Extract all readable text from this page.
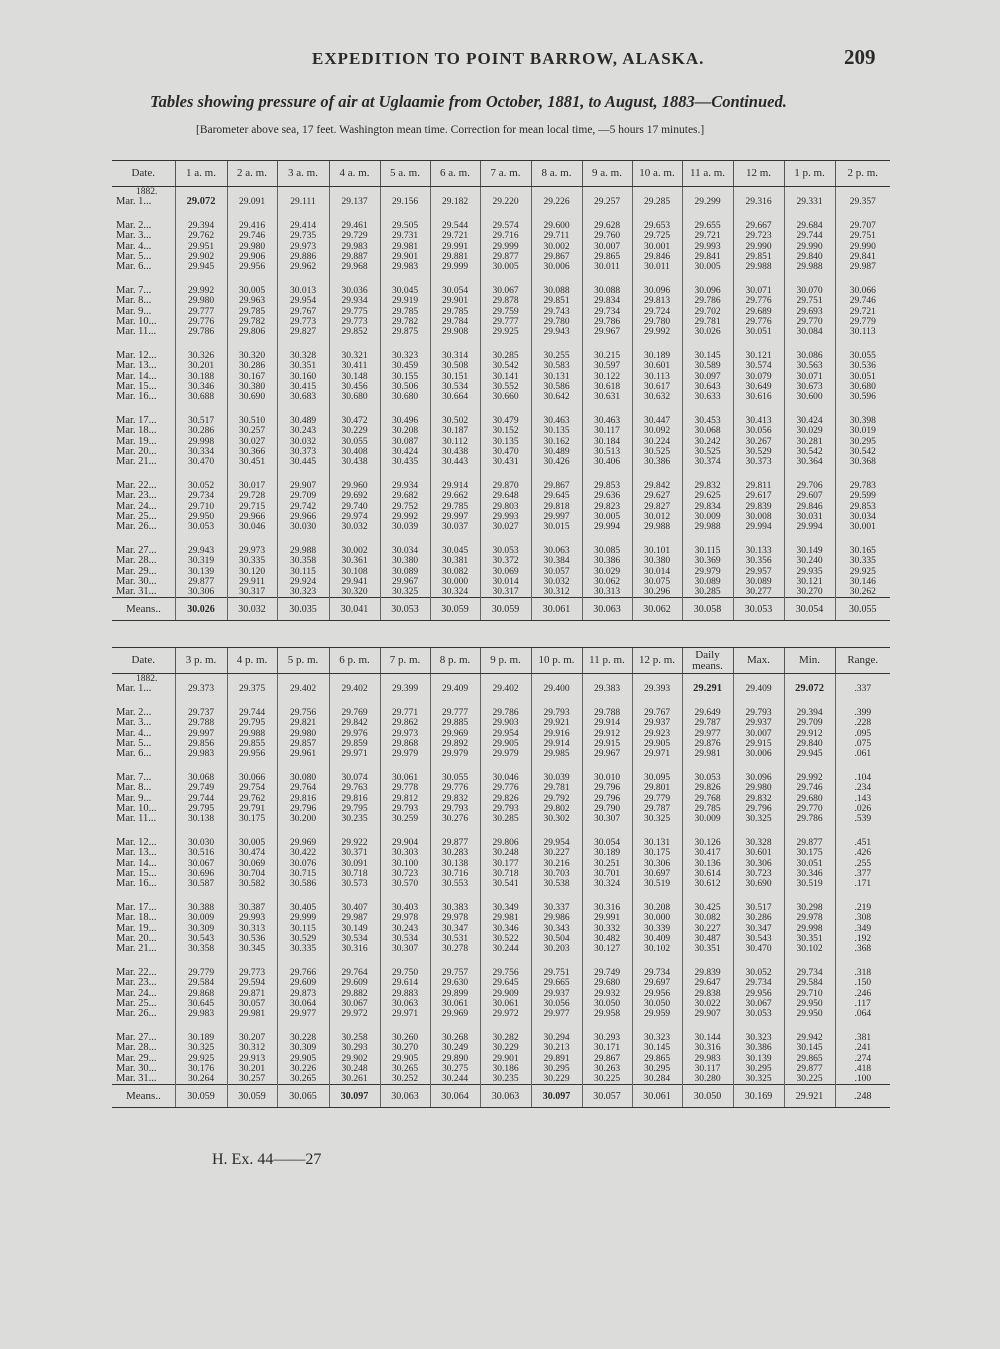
EXPEDITION TO POINT BARROW, ALASKA.	209
Tables showing pressure of air at Uglaamie from October, 1881, to August, 1883—Continued.
[Barometer above sea, 17 feet. Washington mean time. Correction for mean local time, —5 hours 17 minutes.]
Date.	1 a. m.	2 a. m.	3 a. m.	4 a. m.	5 a. m.	6 a. m.	7 a. m.	8 a. m.	9 a. m.	10 a. m.	11 a. m.	12 m.	1 p. m.	2 p. m.
1882.														
Mar. 1...	29.072	29.091	29.111	29.137	29.156	29.182	29.220	29.226	29.257	29.285	29.299	29.316	29.331	29.357
Mar. 2...	29.394	29.416	29.414	29.461	29.505	29.544	29.574	29.600	29.628	29.653	29.655	29.667	29.684	29.707
Mar. 3...	29.762	29.746	29.735	29.729	29.731	29.721	29.716	29.711	29.760	29.725	29.721	29.723	29.744	29.751
Mar. 4...	29.951	29.980	29.973	29.983	29.981	29.991	29.999	30.002	30.007	30.001	29.993	29.990	29.990	29.990
Mar. 5...	29.902	29.906	29.886	29.887	29.901	29.881	29.877	29.867	29.865	29.846	29.841	29.851	29.840	29.841
Mar. 6...	29.945	29.956	29.962	29.968	29.983	29.999	30.005	30.006	30.011	30.011	30.005	29.988	29.988	29.987
Mar. 7...	29.992	30.005	30.013	30.036	30.045	30.054	30.067	30.088	30.088	30.096	30.096	30.071	30.070	30.066
Mar. 8...	29.980	29.963	29.954	29.934	29.919	29.901	29.878	29.851	29.834	29.813	29.786	29.776	29.751	29.746
Mar. 9...	29.777	29.785	29.767	29.775	29.785	29.785	29.759	29.743	29.734	29.724	29.702	29.689	29.693	29.721
Mar. 10...	29.776	29.782	29.773	29.773	29.782	29.784	29.777	29.780	29.786	29.780	29.781	29.776	29.770	29.779
Mar. 11...	29.786	29.806	29.827	29.852	29.875	29.908	29.925	29.943	29.967	29.992	30.026	30.051	30.084	30.113
Mar. 12...	30.326	30.320	30.328	30.321	30.323	30.314	30.285	30.255	30.215	30.189	30.145	30.121	30.086	30.055
Mar. 13...	30.201	30.286	30.351	30.411	30.459	30.508	30.542	30.583	30.597	30.601	30.589	30.574	30.563	30.536
Mar. 14...	30.188	30.167	30.160	30.148	30.155	30.151	30.141	30.131	30.122	30.113	30.097	30.079	30.071	30.051
Mar. 15...	30.346	30.380	30.415	30.456	30.506	30.534	30.552	30.586	30.618	30.617	30.643	30.649	30.673	30.680
Mar. 16...	30.688	30.690	30.683	30.680	30.680	30.664	30.660	30.642	30.631	30.632	30.633	30.616	30.600	30.596
Mar. 17...	30.517	30.510	30.489	30.472	30.496	30.502	30.479	30.463	30.463	30.447	30.453	30.413	30.424	30.398
Mar. 18...	30.286	30.257	30.243	30.229	30.208	30.187	30.152	30.135	30.117	30.092	30.068	30.056	30.029	30.019
Mar. 19...	29.998	30.027	30.032	30.055	30.087	30.112	30.135	30.162	30.184	30.224	30.242	30.267	30.281	30.295
Mar. 20...	30.334	30.366	30.373	30.408	30.424	30.438	30.470	30.489	30.513	30.525	30.525	30.529	30.542	30.542
Mar. 21...	30.470	30.451	30.445	30.438	30.435	30.443	30.431	30.426	30.406	30.386	30.374	30.373	30.364	30.368
Mar. 22...	30.052	30.017	29.907	29.960	29.934	29.914	29.870	29.867	29.853	29.842	29.832	29.811	29.706	29.783
Mar. 23...	29.734	29.728	29.709	29.692	29.682	29.662	29.648	29.645	29.636	29.627	29.625	29.617	29.607	29.599
Mar. 24...	29.710	29.715	29.742	29.740	29.752	29.785	29.803	29.818	29.823	29.827	29.834	29.839	29.846	29.853
Mar. 25...	29.950	29.966	29.966	29.974	29.992	29.997	29.993	29.997	30.005	30.012	30.009	30.008	30.031	30.034
Mar. 26...	30.053	30.046	30.030	30.032	30.039	30.037	30.027	30.015	29.994	29.988	29.988	29.994	29.994	30.001
Mar. 27...	29.943	29.973	29.988	30.002	30.034	30.045	30.053	30.063	30.085	30.101	30.115	30.133	30.149	30.165
Mar. 28...	30.319	30.335	30.358	30.361	30.380	30.381	30.372	30.384	30.386	30.380	30.369	30.356	30.240	30.335
Mar. 29...	30.139	30.120	30.115	30.108	30.089	30.082	30.069	30.057	30.029	30.014	29.979	29.957	29.935	29.925
Mar. 30...	29.877	29.911	29.924	29.941	29.967	30.000	30.014	30.032	30.062	30.075	30.089	30.089	30.121	30.146
Mar. 31...	30.306	30.317	30.323	30.320	30.325	30.324	30.317	30.312	30.313	30.296	30.285	30.277	30.270	30.262
Means..	30.026	30.032	30.035	30.041	30.053	30.059	30.059	30.061	30.063	30.062	30.058	30.053	30.054	30.055
Date.	3 p. m.	4 p. m.	5 p. m.	6 p. m.	7 p. m.	8 p. m.	9 p. m.	10 p. m.	11 p. m.	12 p. m.	Daily means.	Max.	Min.	Range.
1882.														
Mar. 1...	29.373	29.375	29.402	29.402	29.399	29.409	29.402	29.400	29.383	29.393	29.291	29.409	29.072	.337
Mar. 2...	29.737	29.744	29.756	29.769	29.771	29.777	29.786	29.793	29.788	29.767	29.649	29.793	29.394	.399
Mar. 3...	29.788	29.795	29.821	29.842	29.862	29.885	29.903	29.921	29.914	29.937	29.787	29.937	29.709	.228
Mar. 4...	29.997	29.988	29.980	29.976	29.973	29.969	29.954	29.916	29.912	29.923	29.977	30.007	29.912	.095
Mar. 5...	29.856	29.855	29.857	29.859	29.868	29.892	29.905	29.914	29.915	29.905	29.876	29.915	29.840	.075
Mar. 6...	29.983	29.956	29.961	29.971	29.979	29.979	29.979	29.985	29.967	29.971	29.981	30.006	29.945	.061
Mar. 7...	30.068	30.066	30.080	30.074	30.061	30.055	30.046	30.039	30.010	30.095	30.053	30.096	29.992	.104
Mar. 8...	29.749	29.754	29.764	29.763	29.778	29.776	29.776	29.781	29.796	29.801	29.826	29.980	29.746	.234
Mar. 9...	29.744	29.762	29.816	29.816	29.812	29.832	29.826	29.792	29.796	29.779	29.768	29.832	29.680	.143
Mar. 10...	29.795	29.791	29.796	29.795	29.793	29.793	29.793	29.802	29.790	29.787	29.785	29.796	29.770	.026
Mar. 11...	30.138	30.175	30.200	30.235	30.259	30.276	30.285	30.302	30.307	30.325	30.009	30.325	29.786	.539
Mar. 12...	30.030	30.005	29.969	29.922	29.904	29.877	29.806	29.954	30.054	30.131	30.126	30.328	29.877	.451
Mar. 13...	30.516	30.474	30.422	30.371	30.303	30.283	30.248	30.227	30.189	30.175	30.417	30.601	30.175	.426
Mar. 14...	30.067	30.069	30.076	30.091	30.100	30.138	30.177	30.216	30.251	30.306	30.136	30.306	30.051	.255
Mar. 15...	30.696	30.704	30.715	30.718	30.723	30.716	30.718	30.703	30.701	30.697	30.614	30.723	30.346	.377
Mar. 16...	30.587	30.582	30.586	30.573	30.570	30.553	30.541	30.538	30.324	30.519	30.612	30.690	30.519	.171
Mar. 17...	30.388	30.387	30.405	30.407	30.403	30.383	30.349	30.337	30.316	30.208	30.425	30.517	30.298	.219
Mar. 18...	30.009	29.993	29.999	29.987	29.978	29.978	29.981	29.986	29.991	30.000	30.082	30.286	29.978	.308
Mar. 19...	30.309	30.313	30.115	30.149	30.243	30.347	30.346	30.343	30.332	30.339	30.227	30.347	29.998	.349
Mar. 20...	30.543	30.536	30.529	30.534	30.534	30.531	30.522	30.504	30.482	30.409	30.487	30.543	30.351	.192
Mar. 21...	30.358	30.345	30.335	30.316	30.307	30.278	30.244	30.203	30.127	30.102	30.351	30.470	30.102	.368
Mar. 22...	29.779	29.773	29.766	29.764	29.750	29.757	29.756	29.751	29.749	29.734	29.839	30.052	29.734	.318
Mar. 23...	29.584	29.594	29.609	29.609	29.614	29.630	29.645	29.665	29.680	29.697	29.647	29.734	29.584	.150
Mar. 24...	29.868	29.871	29.873	29.882	29.883	29.899	29.909	29.937	29.932	29.956	29.838	29.956	29.710	.246
Mar. 25...	30.645	30.057	30.064	30.067	30.063	30.061	30.061	30.056	30.050	30.050	30.022	30.067	29.950	.117
Mar. 26...	29.983	29.981	29.977	29.972	29.971	29.969	29.972	29.977	29.958	29.959	29.907	30.053	29.950	.064
Mar. 27...	30.189	30.207	30.228	30.258	30.260	30.268	30.282	30.294	30.293	30.323	30.144	30.323	29.942	.381
Mar. 28...	30.325	30.312	30.309	30.293	30.270	30.249	30.229	30.213	30.171	30.145	30.316	30.386	30.145	.241
Mar. 29...	29.925	29.913	29.905	29.902	29.905	29.890	29.901	29.891	29.867	29.865	29.983	30.139	29.865	.274
Mar. 30...	30.176	30.201	30.226	30.248	30.265	30.275	30.186	30.295	30.263	30.295	30.117	30.295	29.877	.418
Mar. 31...	30.264	30.257	30.265	30.261	30.252	30.244	30.235	30.229	30.225	30.284	30.280	30.325	30.225	.100
Means..	30.059	30.059	30.065	30.097	30.063	30.064	30.063	30.097	30.057	30.061	30.050	30.169	29.921	.248
H. Ex. 44——27
